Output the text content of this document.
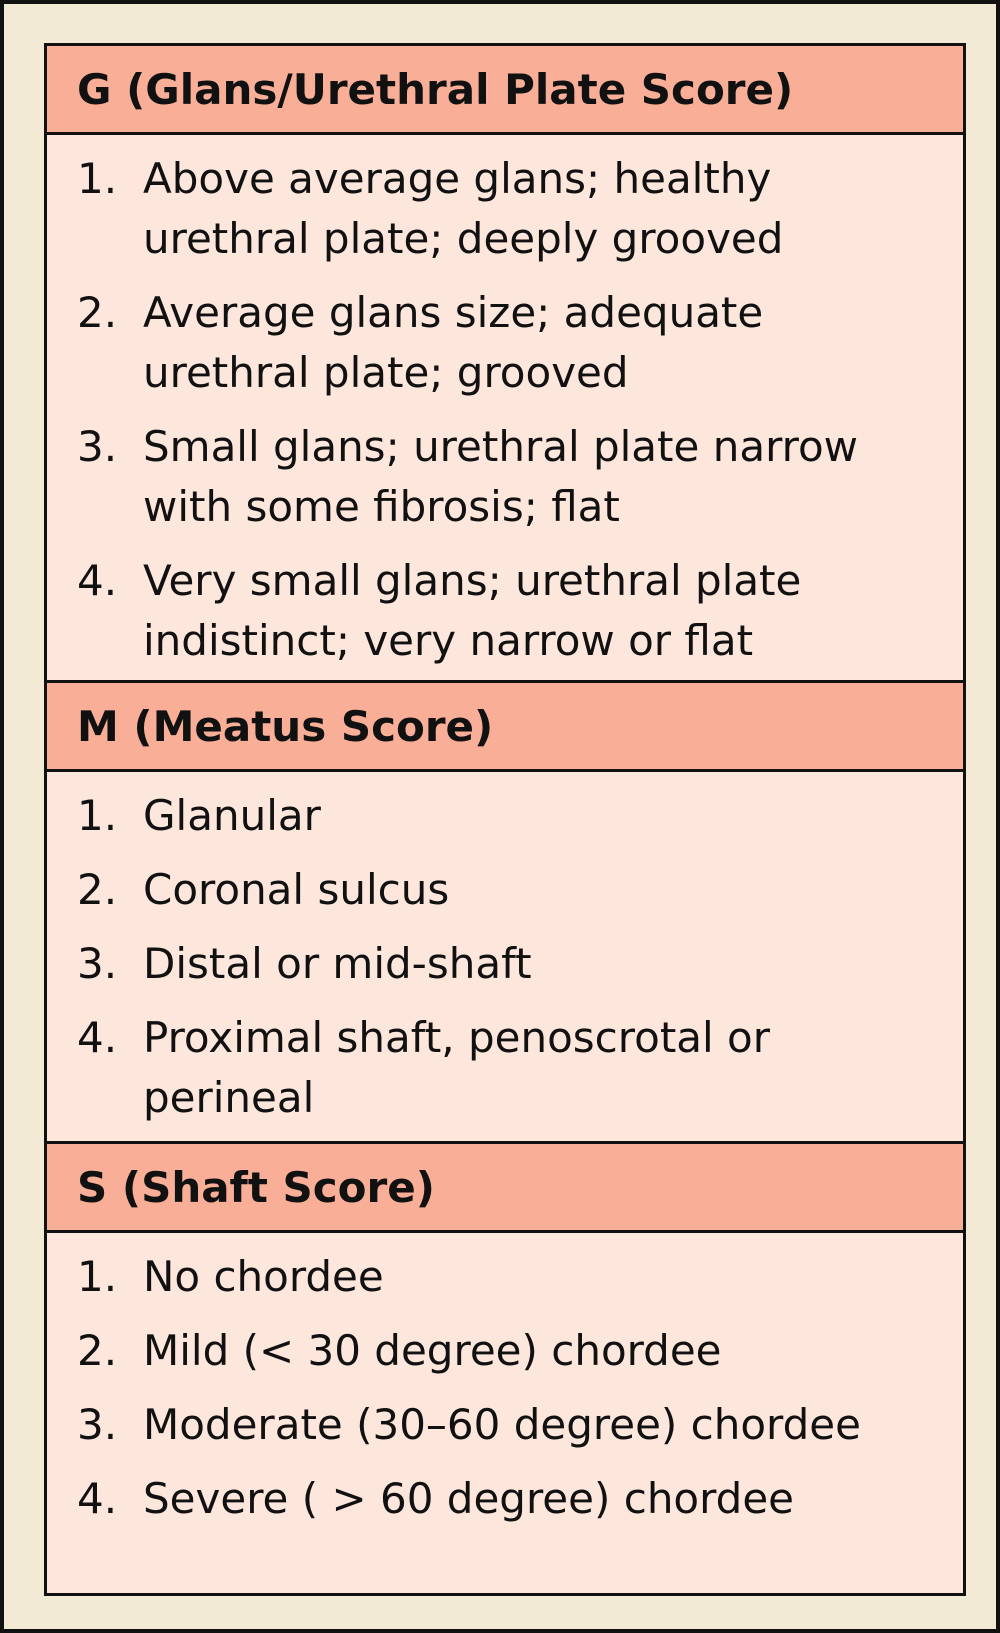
G (Glans/Urethral Plate Score)
1. Above average glans; healthy urethral plate; deeply grooved
2. Average glans size; adequate urethral plate; grooved
3. Small glans; urethral plate narrow with some fibrosis; flat
4. Very small glans; urethral plate indistinct; very narrow or flat
M (Meatus Score)
1. Glanular
2. Coronal sulcus
3. Distal or mid-shaft
4. Proximal shaft, penoscrotal or perineal
S (Shaft Score)
1. No chordee
2. Mild (< 30 degree) chordee
3. Moderate (30–60 degree) chordee
4. Severe ( > 60 degree) chordee
